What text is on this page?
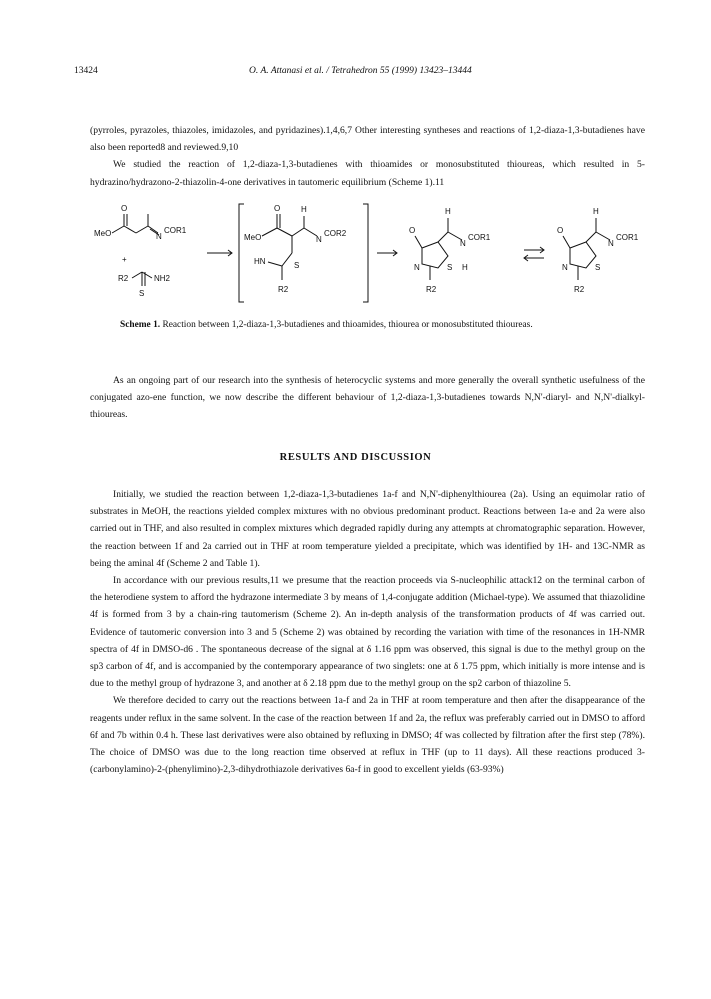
13424	O. A. Attanasi et al. / Tetrahedron 55 (1999) 13423–13444

(pyrroles, pyrazoles, thiazoles, imidazoles, and pyridazines).1,4,6,7 Other interesting syntheses and reactions of 1,2-diaza-1,3-butadienes have also been reported8 and reviewed.9,10

We studied the reaction of 1,2-diaza-1,3-butadienes with thioamides or monosubstituted thioureas, which resulted in 5-hydrazino/hydrazono-2-thiazolin-4-one derivatives in tautomeric equilibrium (Scheme 1).11

MeO
O
N
COR1
+
R2	NH2
S
MeO
O	H
N
COR2
HN	S
R2
O
H
N
COR1
N	S H
R2
O
H
N
COR1
N	S
R2
Scheme 1. Reaction between 1,2-diaza-1,3-butadienes and thioamides, thiourea or monosubstituted thioureas.

As an ongoing part of our research into the synthesis of heterocyclic systems and more generally the overall synthetic usefulness of the conjugated azo-ene function, we now describe the different behaviour of 1,2-diaza-1,3-butadienes towards N,N'-diaryl- and N,N'-dialkyl-thioureas.

RESULTS AND DISCUSSION

Initially, we studied the reaction between 1,2-diaza-1,3-butadienes 1a-f and N,N'-diphenylthiourea (2a). Using an equimolar ratio of substrates in MeOH, the reactions yielded complex mixtures with no obvious predominant product. Reactions between 1a-e and 2a were also carried out in THF, and also resulted in complex mixtures which degraded rapidly during any attempts at chromatographic separation. However, the reaction between 1f and 2a carried out in THF at room temperature yielded a precipitate, which was identified by 1H- and 13C-NMR as being the aminal 4f (Scheme 2 and Table 1).

In accordance with our previous results,11 we presume that the reaction proceeds via S-nucleophilic attack12 on the terminal carbon of the heterodiene system to afford the hydrazone intermediate 3 by means of 1,4-conjugate addition (Michael-type). We assumed that thiazolidine 4f is formed from 3 by a chain-ring tautomerism (Scheme 2). An in-depth analysis of the transformation products of 4f was carried out. Evidence of tautomeric conversion into 3 and 5 (Scheme 2) was obtained by recording the variation with time of the resonances in 1H-NMR spectra of 4f in DMSO-d6 . The spontaneous decrease of the signal at δ 1.16 ppm was observed, this signal is due to the methyl group on the sp3 carbon of 4f, and is accompanied by the contemporary appearance of two singlets: one at δ 1.75 ppm, which initially is more intense and is due to the methyl group of hydrazone 3, and another at δ 2.18 ppm due to the methyl group on the sp2 carbon of thiazoline 5.

We therefore decided to carry out the reactions between 1a-f and 2a in THF at room temperature and then after the disappearance of the reagents under reflux in the same solvent. In the case of the reaction between 1f and 2a, the reflux was preferably carried out in DMSO to afford 6f and 7b within 0.4 h. These last derivatives were also obtained by refluxing in DMSO; 4f was collected by filtration after the first step (78%). The choice of DMSO was due to the long reaction time observed at reflux in THF (up to 11 days). All these reactions produced 3-(carbonylamino)-2-(phenylimino)-2,3-dihydrothiazole derivatives 6a-f in good to excellent yields (63-93%)
